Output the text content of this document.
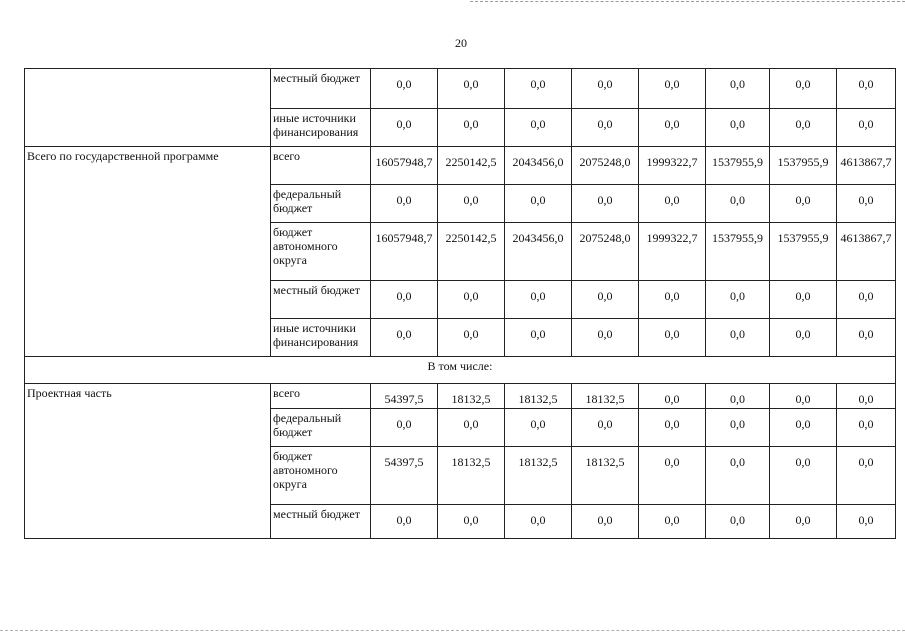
20
	местный бюджет	0,0	0,0	0,0	0,0	0,0	0,0	0,0	0,0
	иные источники финансирования	0,0	0,0	0,0	0,0	0,0	0,0	0,0	0,0
Всего по государственной программе	всего	16057948,7	2250142,5	2043456,0	2075248,0	1999322,7	1537955,9	1537955,9	4613867,7
	федеральный бюджет	0,0	0,0	0,0	0,0	0,0	0,0	0,0	0,0
	бюджет автономного округа	16057948,7	2250142,5	2043456,0	2075248,0	1999322,7	1537955,9	1537955,9	4613867,7
	местный бюджет	0,0	0,0	0,0	0,0	0,0	0,0	0,0	0,0
	иные источники финансирования	0,0	0,0	0,0	0,0	0,0	0,0	0,0	0,0
В том числе:									
Проектная часть	всего	54397,5	18132,5	18132,5	18132,5	0,0	0,0	0,0	0,0
	федеральный бюджет	0,0	0,0	0,0	0,0	0,0	0,0	0,0	0,0
	бюджет автономного округа	54397,5	18132,5	18132,5	18132,5	0,0	0,0	0,0	0,0
	местный бюджет	0,0	0,0	0,0	0,0	0,0	0,0	0,0	0,0
